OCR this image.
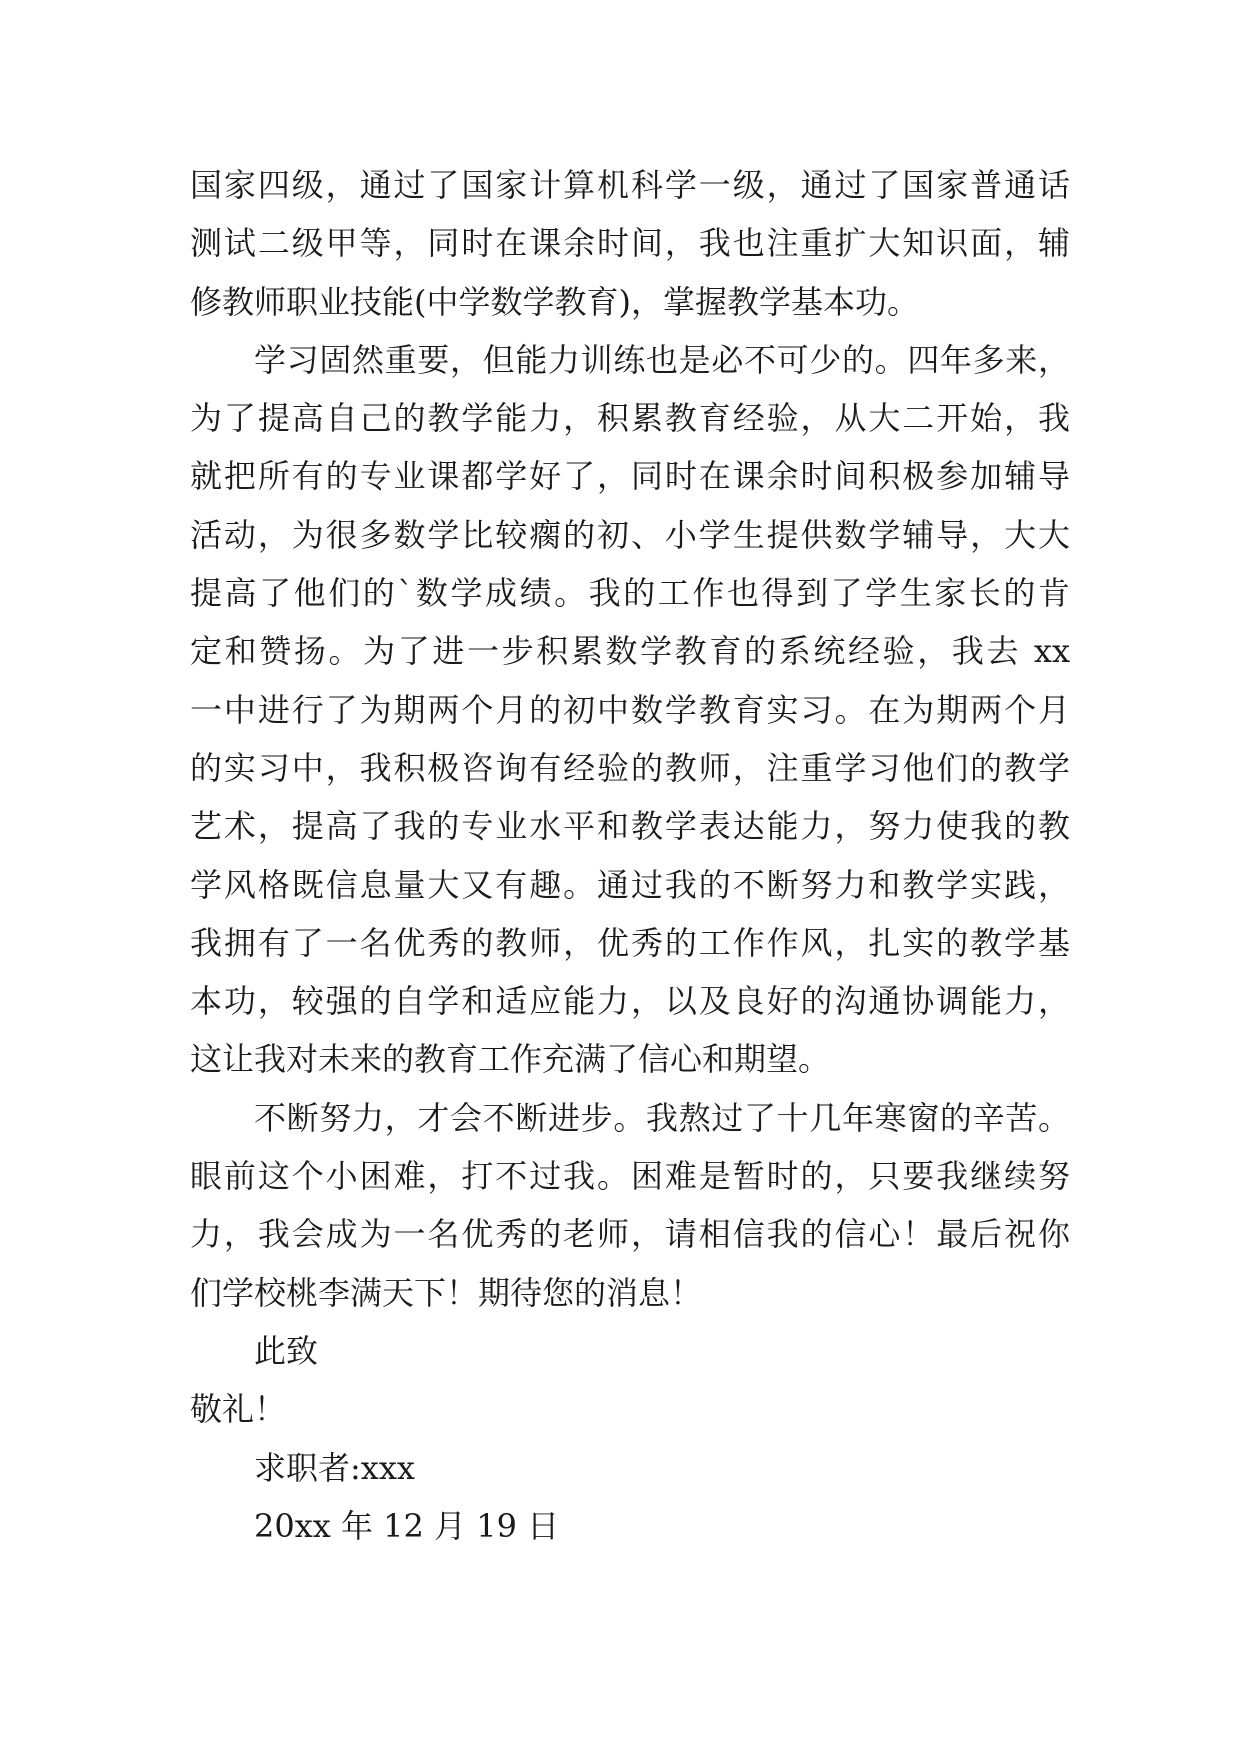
国家四级，通过了国家计算机科学一级，通过了国家普通话
测试二级甲等，同时在课余时间，我也注重扩大知识面，辅
修教师职业技能(中学数学教育)，掌握教学基本功。
学习固然重要，但能力训练也是必不可少的。四年多来，
为了提高自己的教学能力，积累教育经验，从大二开始，我
就把所有的专业课都学好了，同时在课余时间积极参加辅导
活动，为很多数学比较瘸的初、小学生提供数学辅导，大大
提高了他们的`数学成绩。我的工作也得到了学生家长的肯
定和赞扬。为了进一步积累数学教育的系统经验，我去 xx
一中进行了为期两个月的初中数学教育实习。在为期两个月
的实习中，我积极咨询有经验的教师，注重学习他们的教学
艺术，提高了我的专业水平和教学表达能力，努力使我的教
学风格既信息量大又有趣。通过我的不断努力和教学实践，
我拥有了一名优秀的教师，优秀的工作作风，扎实的教学基
本功，较强的自学和适应能力，以及良好的沟通协调能力，
这让我对未来的教育工作充满了信心和期望。
不断努力，才会不断进步。我熬过了十几年寒窗的辛苦。
眼前这个小困难，打不过我。困难是暂时的，只要我继续努
力，我会成为一名优秀的老师，请相信我的信心！最后祝你
们学校桃李满天下！期待您的消息！
此致
敬礼！
求职者:xxx
20xx 年 12 月 19 日
